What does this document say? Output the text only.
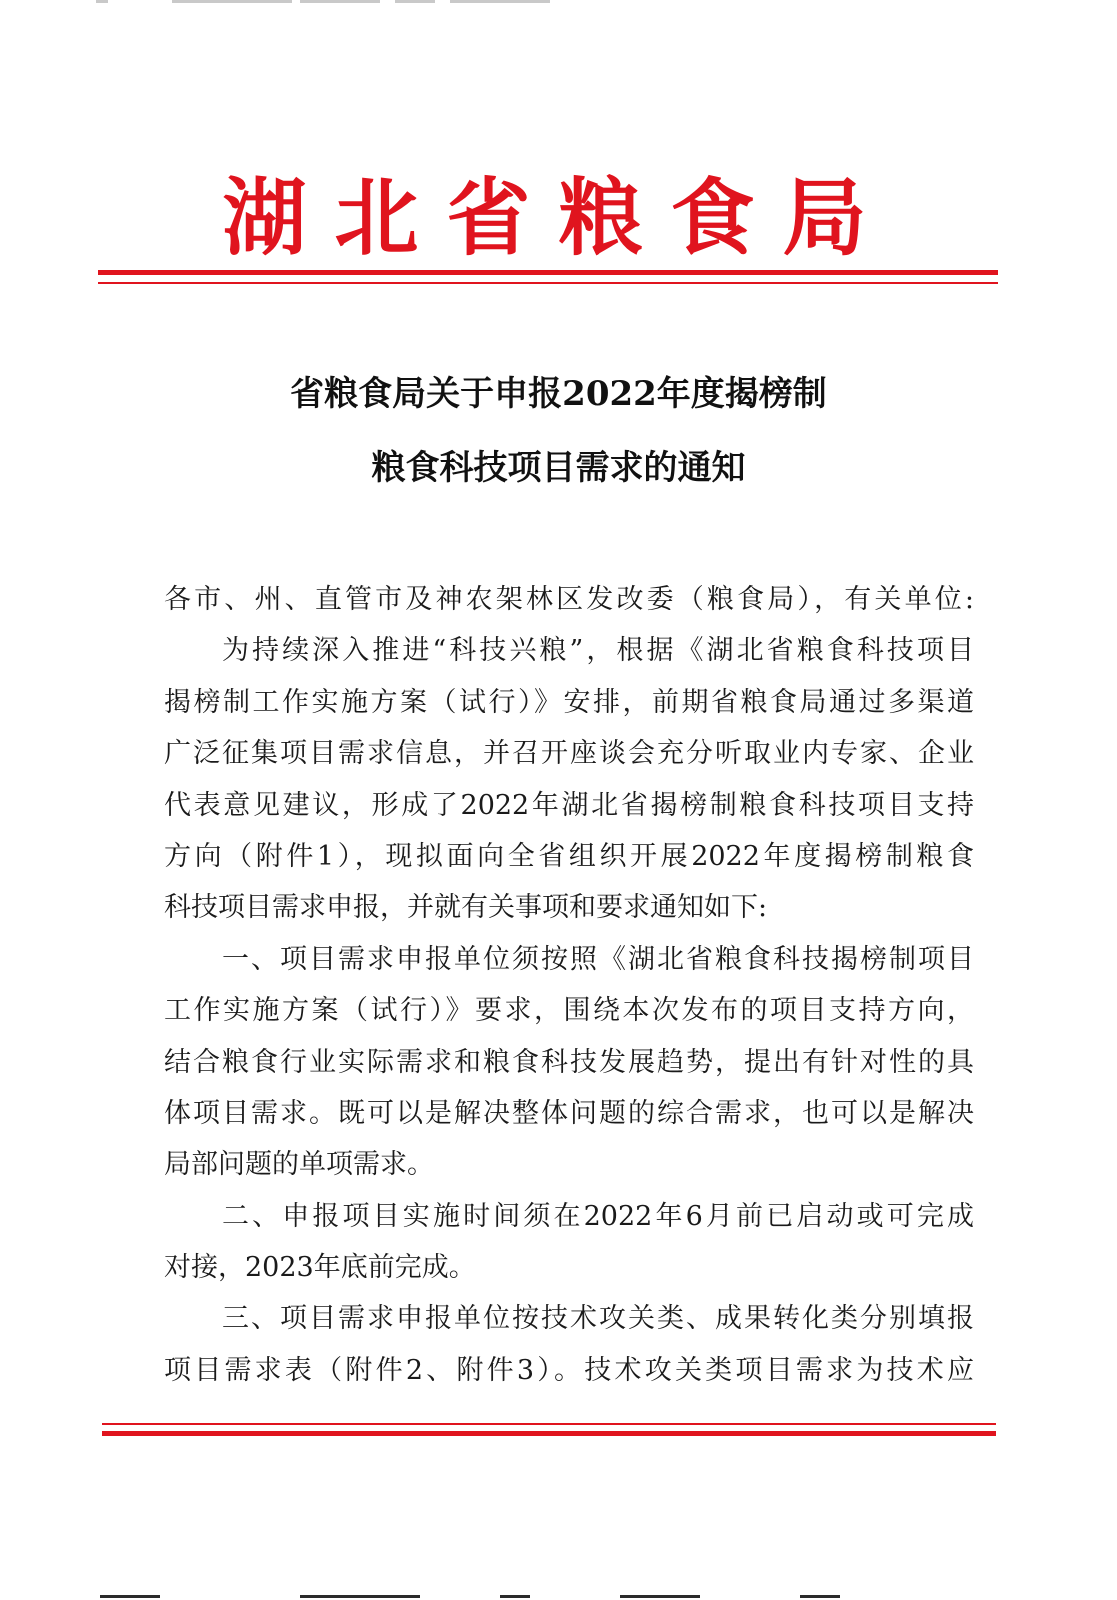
湖北省粮食局
省粮食局关于申报2022年度揭榜制
粮食科技项目需求的通知
各市、州、直管市及神农架林区发改委（粮食局），有关单位:
为持续深入推进“科技兴粮”，根据《湖北省粮食科技项目
揭榜制工作实施方案（试行）》安排，前期省粮食局通过多渠道
广泛征集项目需求信息，并召开座谈会充分听取业内专家、企业
代表意见建议，形成了2022年湖北省揭榜制粮食科技项目支持
方向（附件1），现拟面向全省组织开展2022年度揭榜制粮食
科技项目需求申报，并就有关事项和要求通知如下:
一、项目需求申报单位须按照《湖北省粮食科技揭榜制项目
工作实施方案（试行）》要求，围绕本次发布的项目支持方向，
结合粮食行业实际需求和粮食科技发展趋势，提出有针对性的具
体项目需求。既可以是解决整体问题的综合需求，也可以是解决
局部问题的单项需求。
二、申报项目实施时间须在2022年6月前已启动或可完成
对接，2023年底前完成。
三、项目需求申报单位按技术攻关类、成果转化类分别填报
项目需求表（附件2、附件3）。技术攻关类项目需求为技术应
